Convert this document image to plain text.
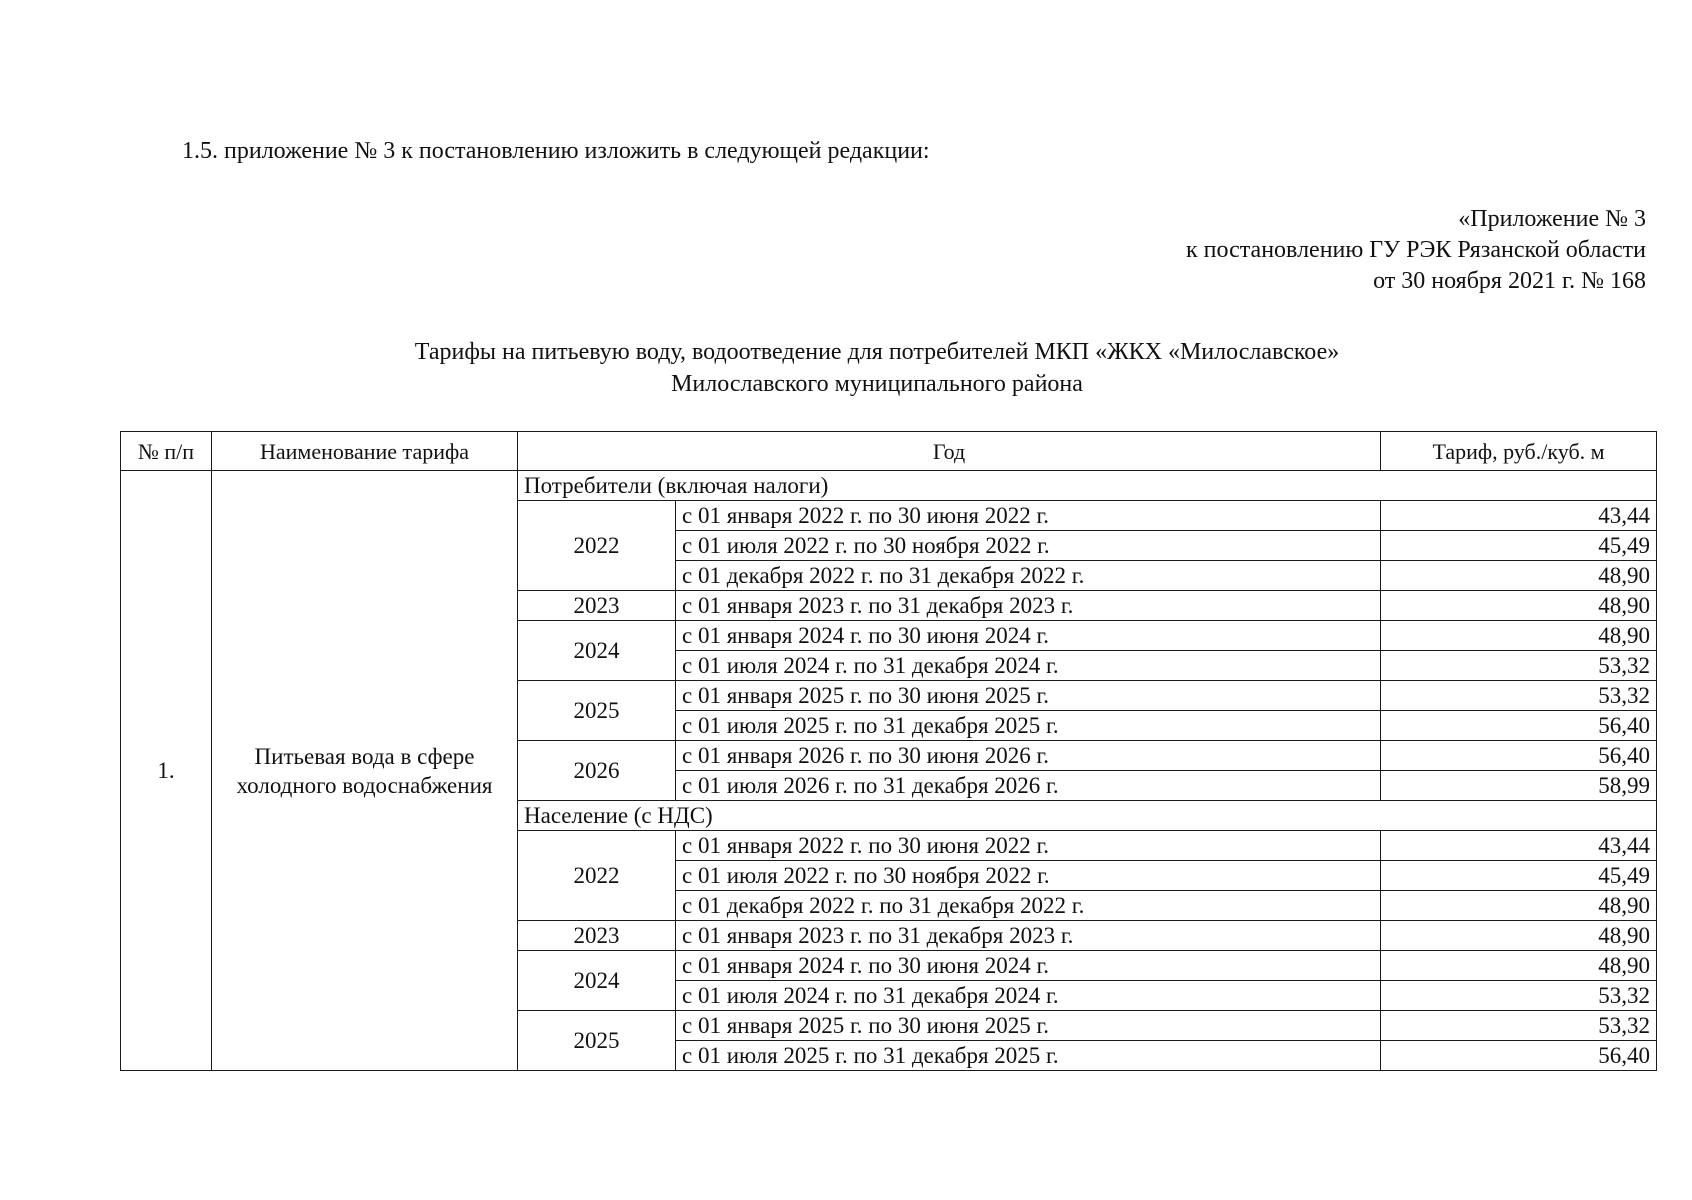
1.5. приложение № 3 к постановлению изложить в следующей редакции:
«Приложение № 3
к постановлению ГУ РЭК Рязанской области
от 30 ноября 2021 г. № 168
Тарифы на питьевую воду, водоотведение для потребителей МКП «ЖКХ «Милославское»
Милославского муниципального района
№ п/п	Наименование тарифа	Год		Тариф, руб./куб. м
1.	Питьевая вода в сфере холодного водоснабжения	Потребители (включая налоги)		
		2022	с 01 января 2022 г. по 30 июня 2022 г.	43,44
			с 01 июля 2022 г. по 30 ноября 2022 г.	45,49
			с 01 декабря 2022 г. по 31 декабря 2022 г.	48,90
		2023	с 01 января 2023 г. по 31 декабря 2023 г.	48,90
		2024	с 01 января 2024 г. по 30 июня 2024 г.	48,90
			с 01 июля 2024 г. по 31 декабря 2024 г.	53,32
		2025	с 01 января 2025 г. по 30 июня 2025 г.	53,32
			с 01 июля 2025 г. по 31 декабря 2025 г.	56,40
		2026	с 01 января 2026 г. по 30 июня 2026 г.	56,40
			с 01 июля 2026 г. по 31 декабря 2026 г.	58,99
		Население (с НДС)		
		2022	с 01 января 2022 г. по 30 июня 2022 г.	43,44
			с 01 июля 2022 г. по 30 ноября 2022 г.	45,49
			с 01 декабря 2022 г. по 31 декабря 2022 г.	48,90
		2023	с 01 января 2023 г. по 31 декабря 2023 г.	48,90
		2024	с 01 января 2024 г. по 30 июня 2024 г.	48,90
			с 01 июля 2024 г. по 31 декабря 2024 г.	53,32
		2025	с 01 января 2025 г. по 30 июня 2025 г.	53,32
			с 01 июля 2025 г. по 31 декабря 2025 г.	56,40
